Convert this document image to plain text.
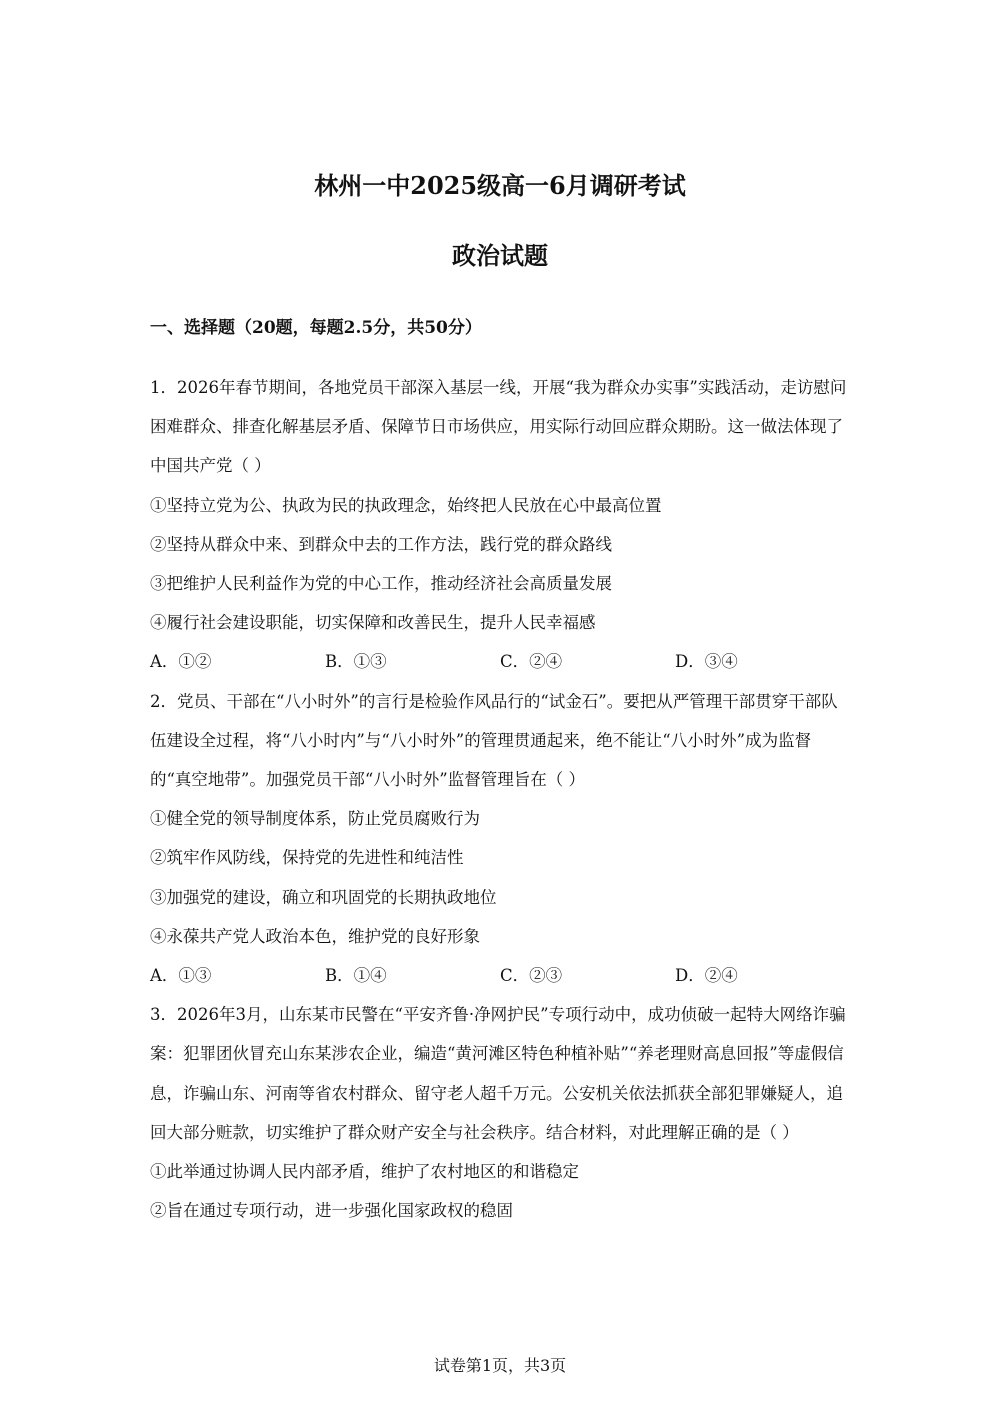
林州一中2025级高一6月调研考试
政治试题
一、选择题（20题，每题2.5分，共50分）

1．2026年春节期间，各地党员干部深入基层一线，开展“我为群众办实事”实践活动，走访慰问困难群众、排查化解基层矛盾、保障节日市场供应，用实际行动回应群众期盼。这一做法体现了中国共产党（ ）

①坚持立党为公、执政为民的执政理念，始终把人民放在心中最高位置

②坚持从群众中来、到群众中去的工作方法，践行党的群众路线

③把维护人民利益作为党的中心工作，推动经济社会高质量发展

④履行社会建设职能，切实保障和改善民生，提升人民幸福感

A．①②	B．①③	C．②④	D．③④

2．党员、干部在“八小时外”的言行是检验作风品行的“试金石”。要把从严管理干部贯穿干部队伍建设全过程，将“八小时内”与“八小时外”的管理贯通起来，绝不能让“八小时外”成为监督的“真空地带”。加强党员干部“八小时外”监督管理旨在（ ）

①健全党的领导制度体系，防止党员腐败行为

②筑牢作风防线，保持党的先进性和纯洁性

③加强党的建设，确立和巩固党的长期执政地位

④永葆共产党人政治本色，维护党的良好形象

A．①③	B．①④	C．②③	D．②④

3．2026年3月，山东某市民警在“平安齐鲁·净网护民”专项行动中，成功侦破一起特大网络诈骗案：犯罪团伙冒充山东某涉农企业，编造“黄河滩区特色种植补贴”“养老理财高息回报”等虚假信息，诈骗山东、河南等省农村群众、留守老人超千万元。公安机关依法抓获全部犯罪嫌疑人，追回大部分赃款，切实维护了群众财产安全与社会秩序。结合材料，对此理解正确的是（ ）

①此举通过协调人民内部矛盾，维护了农村地区的和谐稳定

②旨在通过专项行动，进一步强化国家政权的稳固

试卷第1页，共3页
